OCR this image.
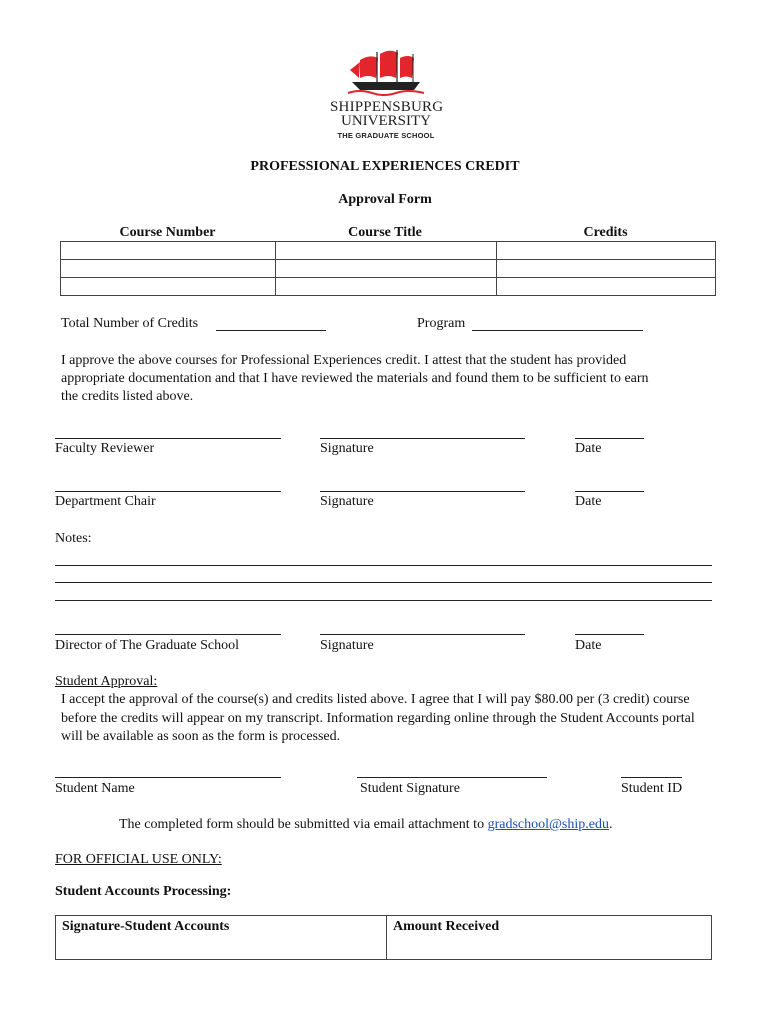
SHIPPENSBURG
UNIVERSITY
THE GRADUATE SCHOOL
PROFESSIONAL EXPERIENCES CREDIT
Approval Form
Course Number	Course Title	Credits

Total Number of Credits	Program
I approve the above courses for Professional Experiences credit. I attest that the student has provided appropriate documentation and that I have reviewed the materials and found them to be sufficient to earn the credits listed above.
Faculty Reviewer	Signature	Date
Department Chair	Signature	Date
Notes:
Director of The Graduate School	Signature	Date
Student Approval:
I accept the approval of the course(s) and credits listed above. I agree that I will pay $80.00 per (3 credit) course before the credits will appear on my transcript. Information regarding online through the Student Accounts portal will be available as soon as the form is processed.
Student Name	Student Signature	Student ID
The completed form should be submitted via email attachment to gradschool@ship.edu.
FOR OFFICIAL USE ONLY:
Student Accounts Processing:
Signature-Student Accounts	Amount Received
